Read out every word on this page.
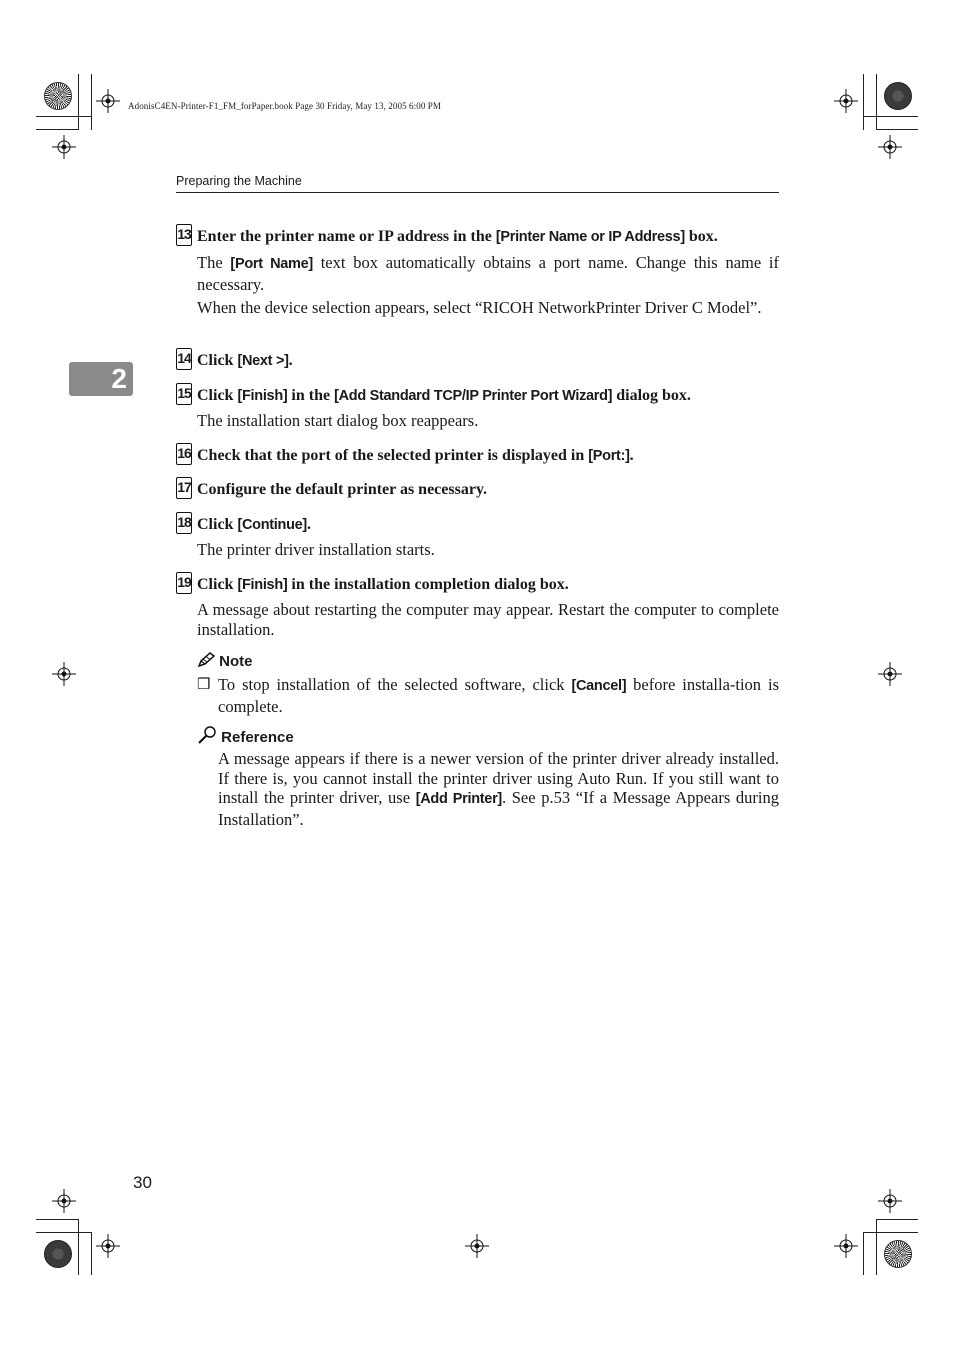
AdonisC4EN-Printer-F1_FM_forPaper.book Page 30 Friday, May 13, 2005 6:00 PM
Preparing the Machine
2
13 Enter the printer name or IP address in the [Printer Name or IP Address] box.
The [Port Name] text box automatically obtains a port name. Change this name if necessary.
When the device selection appears, select “RICOH NetworkPrinter Driver C Model”.
14 Click [Next >].
15 Click [Finish] in the [Add Standard TCP/IP Printer Port Wizard] dialog box.
The installation start dialog box reappears.
16 Check that the port of the selected printer is displayed in [Port:].
17 Configure the default printer as necessary.
18 Click [Continue].
The printer driver installation starts.
19 Click [Finish] in the installation completion dialog box.
A message about restarting the computer may appear. Restart the computer to complete installation.
Note
❒ To stop installation of the selected software, click [Cancel] before installa-tion is complete.
Reference
A message appears if there is a newer version of the printer driver already installed. If there is, you cannot install the printer driver using Auto Run. If you still want to install the printer driver, use [Add Printer]. See p.53 “If a Message Appears during Installation”.
30
